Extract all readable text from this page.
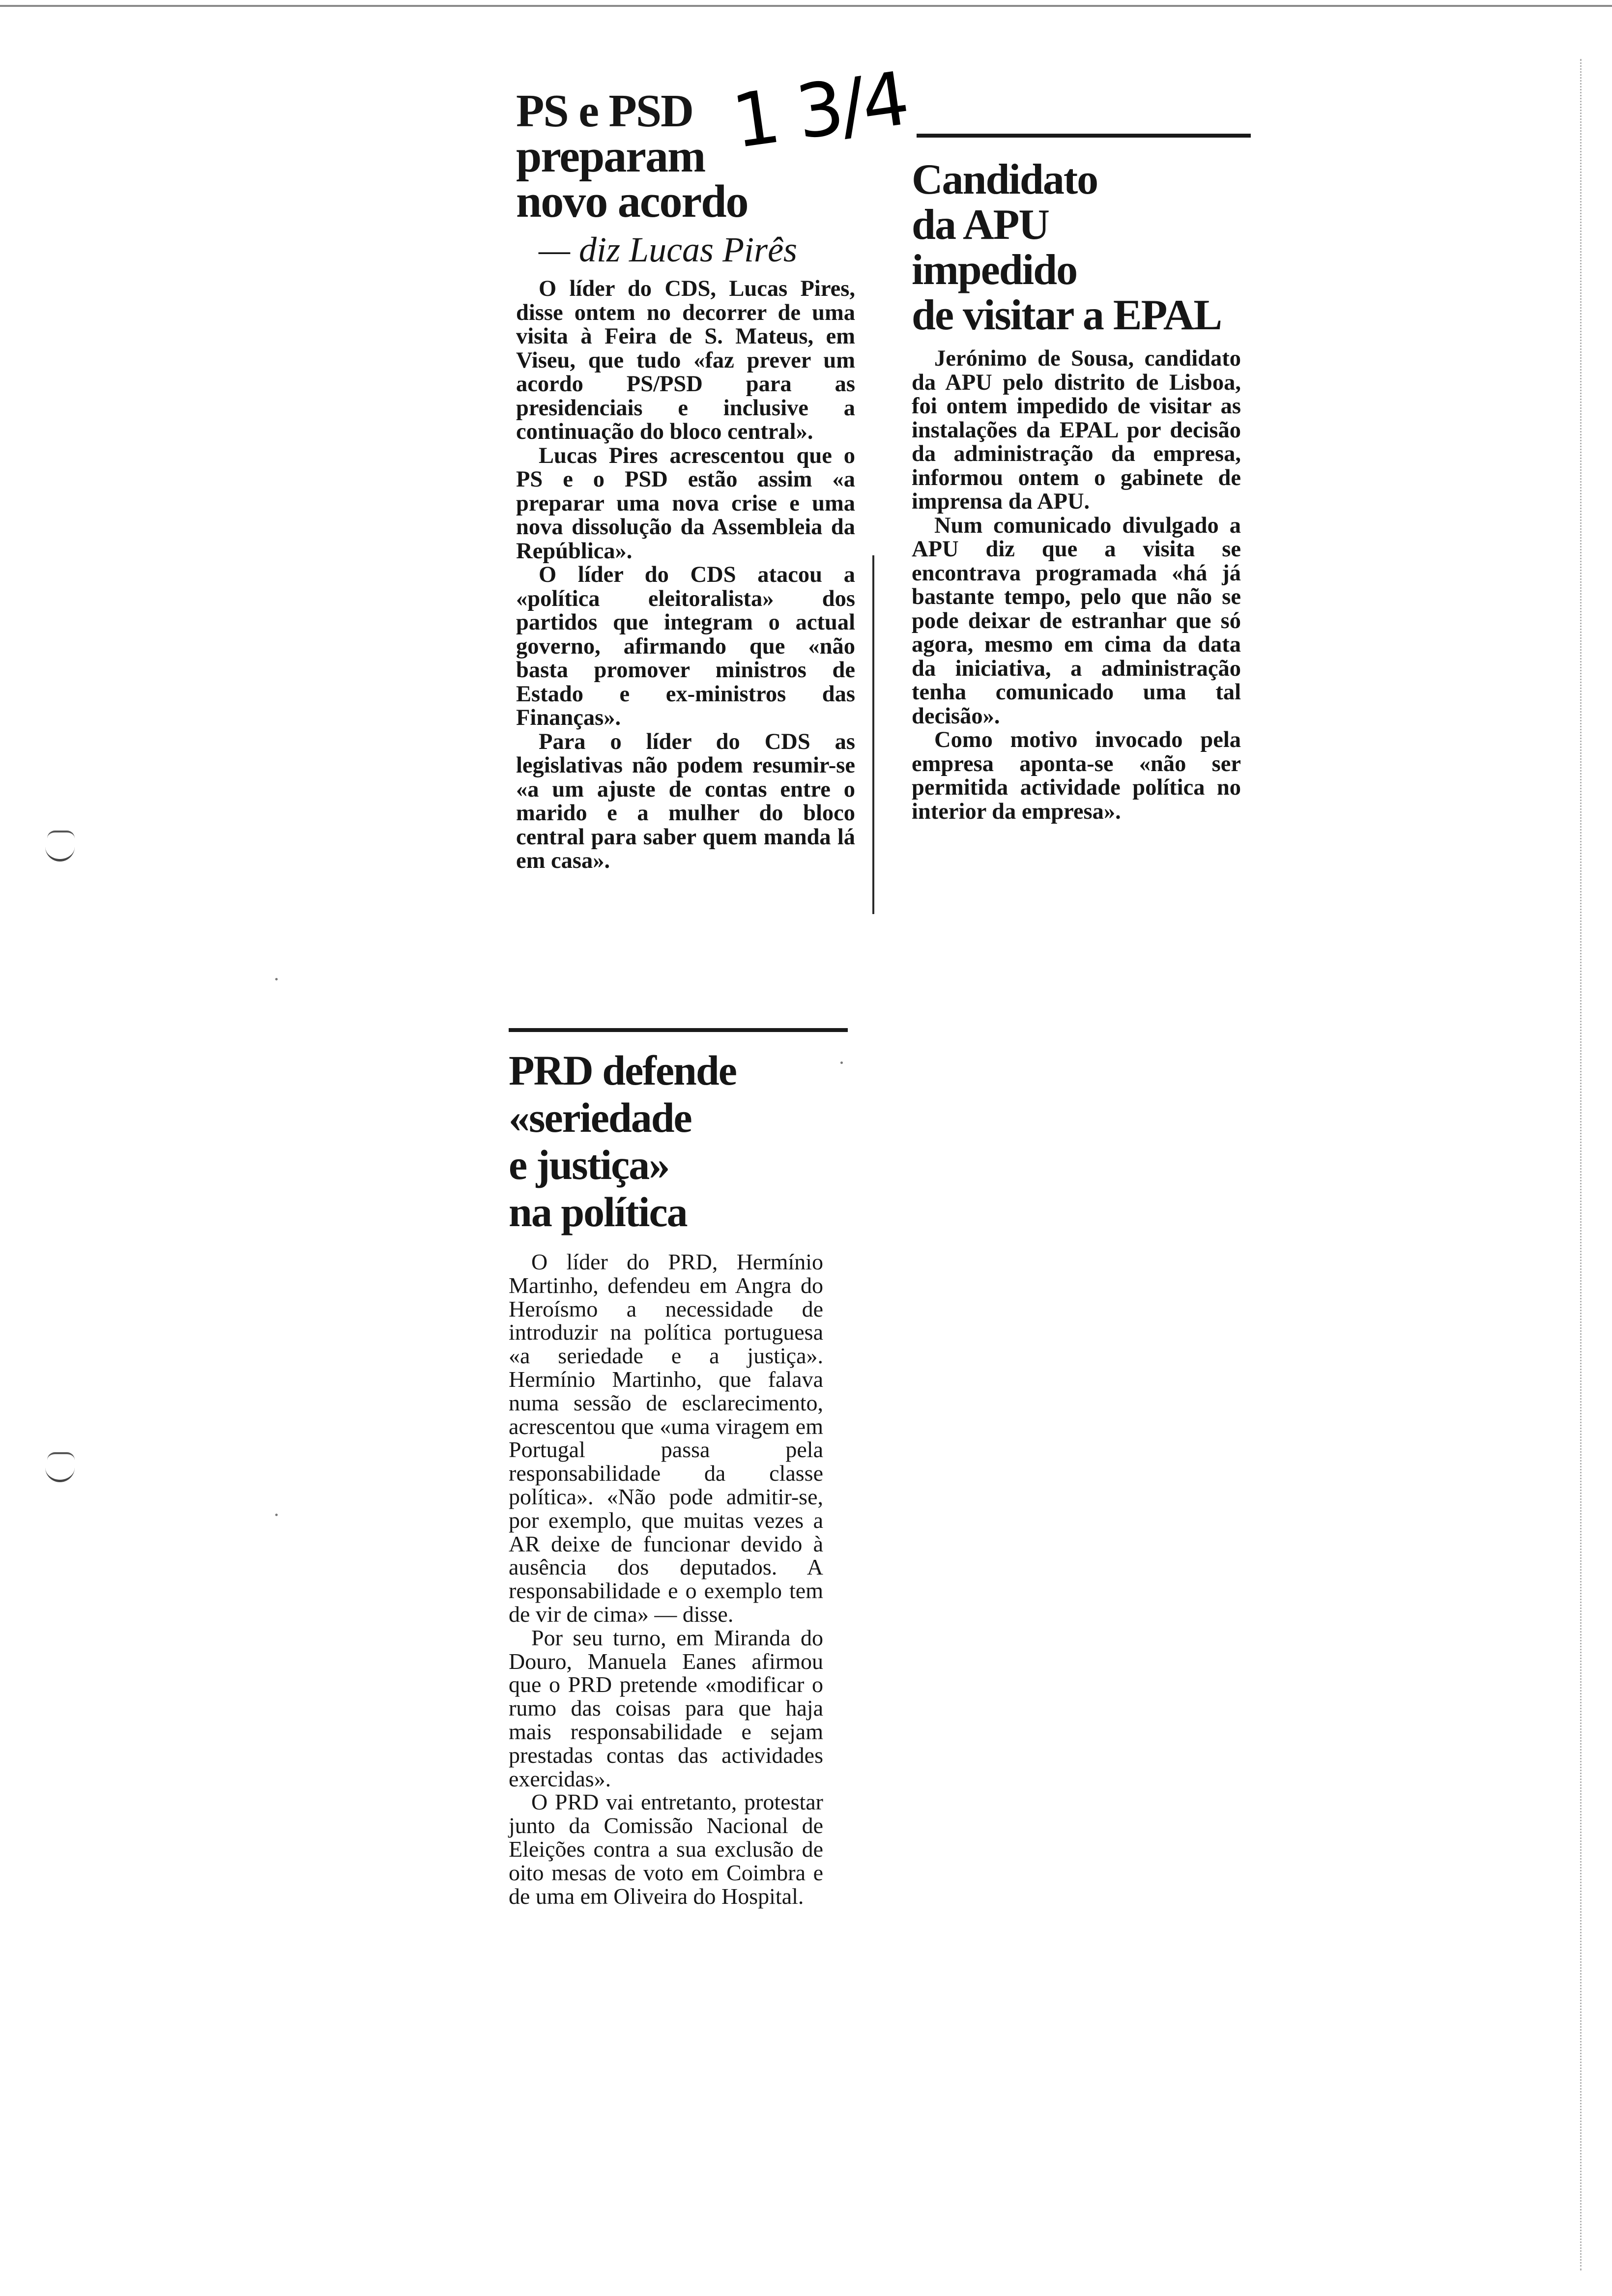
PS e PSD
preparam
novo acordo

— diz Lucas Pirês

O líder do CDS, Lucas Pires, disse ontem no decorrer de uma visita à Feira de S. Mateus, em Viseu, que tudo «faz prever um acordo PS/PSD para as presidenciais e inclusive a continuação do bloco central».

Lucas Pires acrescentou que o PS e o PSD estão assim «a preparar uma nova crise e uma nova dissolução da Assembleia da República».

O líder do CDS atacou a «política eleitoralista» dos partidos que integram o actual governo, afirmando que «não basta promover ministros de Estado e ex-ministros das Finanças».

Para o líder do CDS as legislativas não podem resumir-se «a um ajuste de contas entre o marido e a mulher do bloco central para saber quem manda lá em casa».

1 3/4
Candidato
da APU
impedido
de visitar a EPAL

Jerónimo de Sousa, candidato da APU pelo distrito de Lisboa, foi ontem impedido de visitar as instalações da EPAL por decisão da administração da empresa, informou ontem o gabinete de imprensa da APU.

Num comunicado divulgado a APU diz que a visita se encontrava programada «há já bastante tempo, pelo que não se pode deixar de estranhar que só agora, mesmo em cima da data da iniciativa, a administração tenha comunicado uma tal decisão».

Como motivo invocado pela empresa aponta-se «não ser permitida actividade política no interior da empresa».

PRD defende
«seriedade
e justiça»
na política

O líder do PRD, Hermínio Martinho, defendeu em Angra do Heroísmo a necessidade de introduzir na política portuguesa «a seriedade e a justiça». Hermínio Martinho, que falava numa sessão de esclarecimento, acrescentou que «uma viragem em Portugal passa pela responsabilidade da classe política». «Não pode admitir-se, por exemplo, que muitas vezes a AR deixe de funcionar devido à ausência dos deputados. A responsabilidade e o exemplo tem de vir de cima» — disse.

Por seu turno, em Miranda do Douro, Manuela Eanes afirmou que o PRD pretende «modificar o rumo das coisas para que haja mais responsabilidade e sejam prestadas contas das actividades exercidas».

O PRD vai entretanto, protestar junto da Comissão Nacional de Eleições contra a sua exclusão de oito mesas de voto em Coimbra e de uma em Oliveira do Hospital.
